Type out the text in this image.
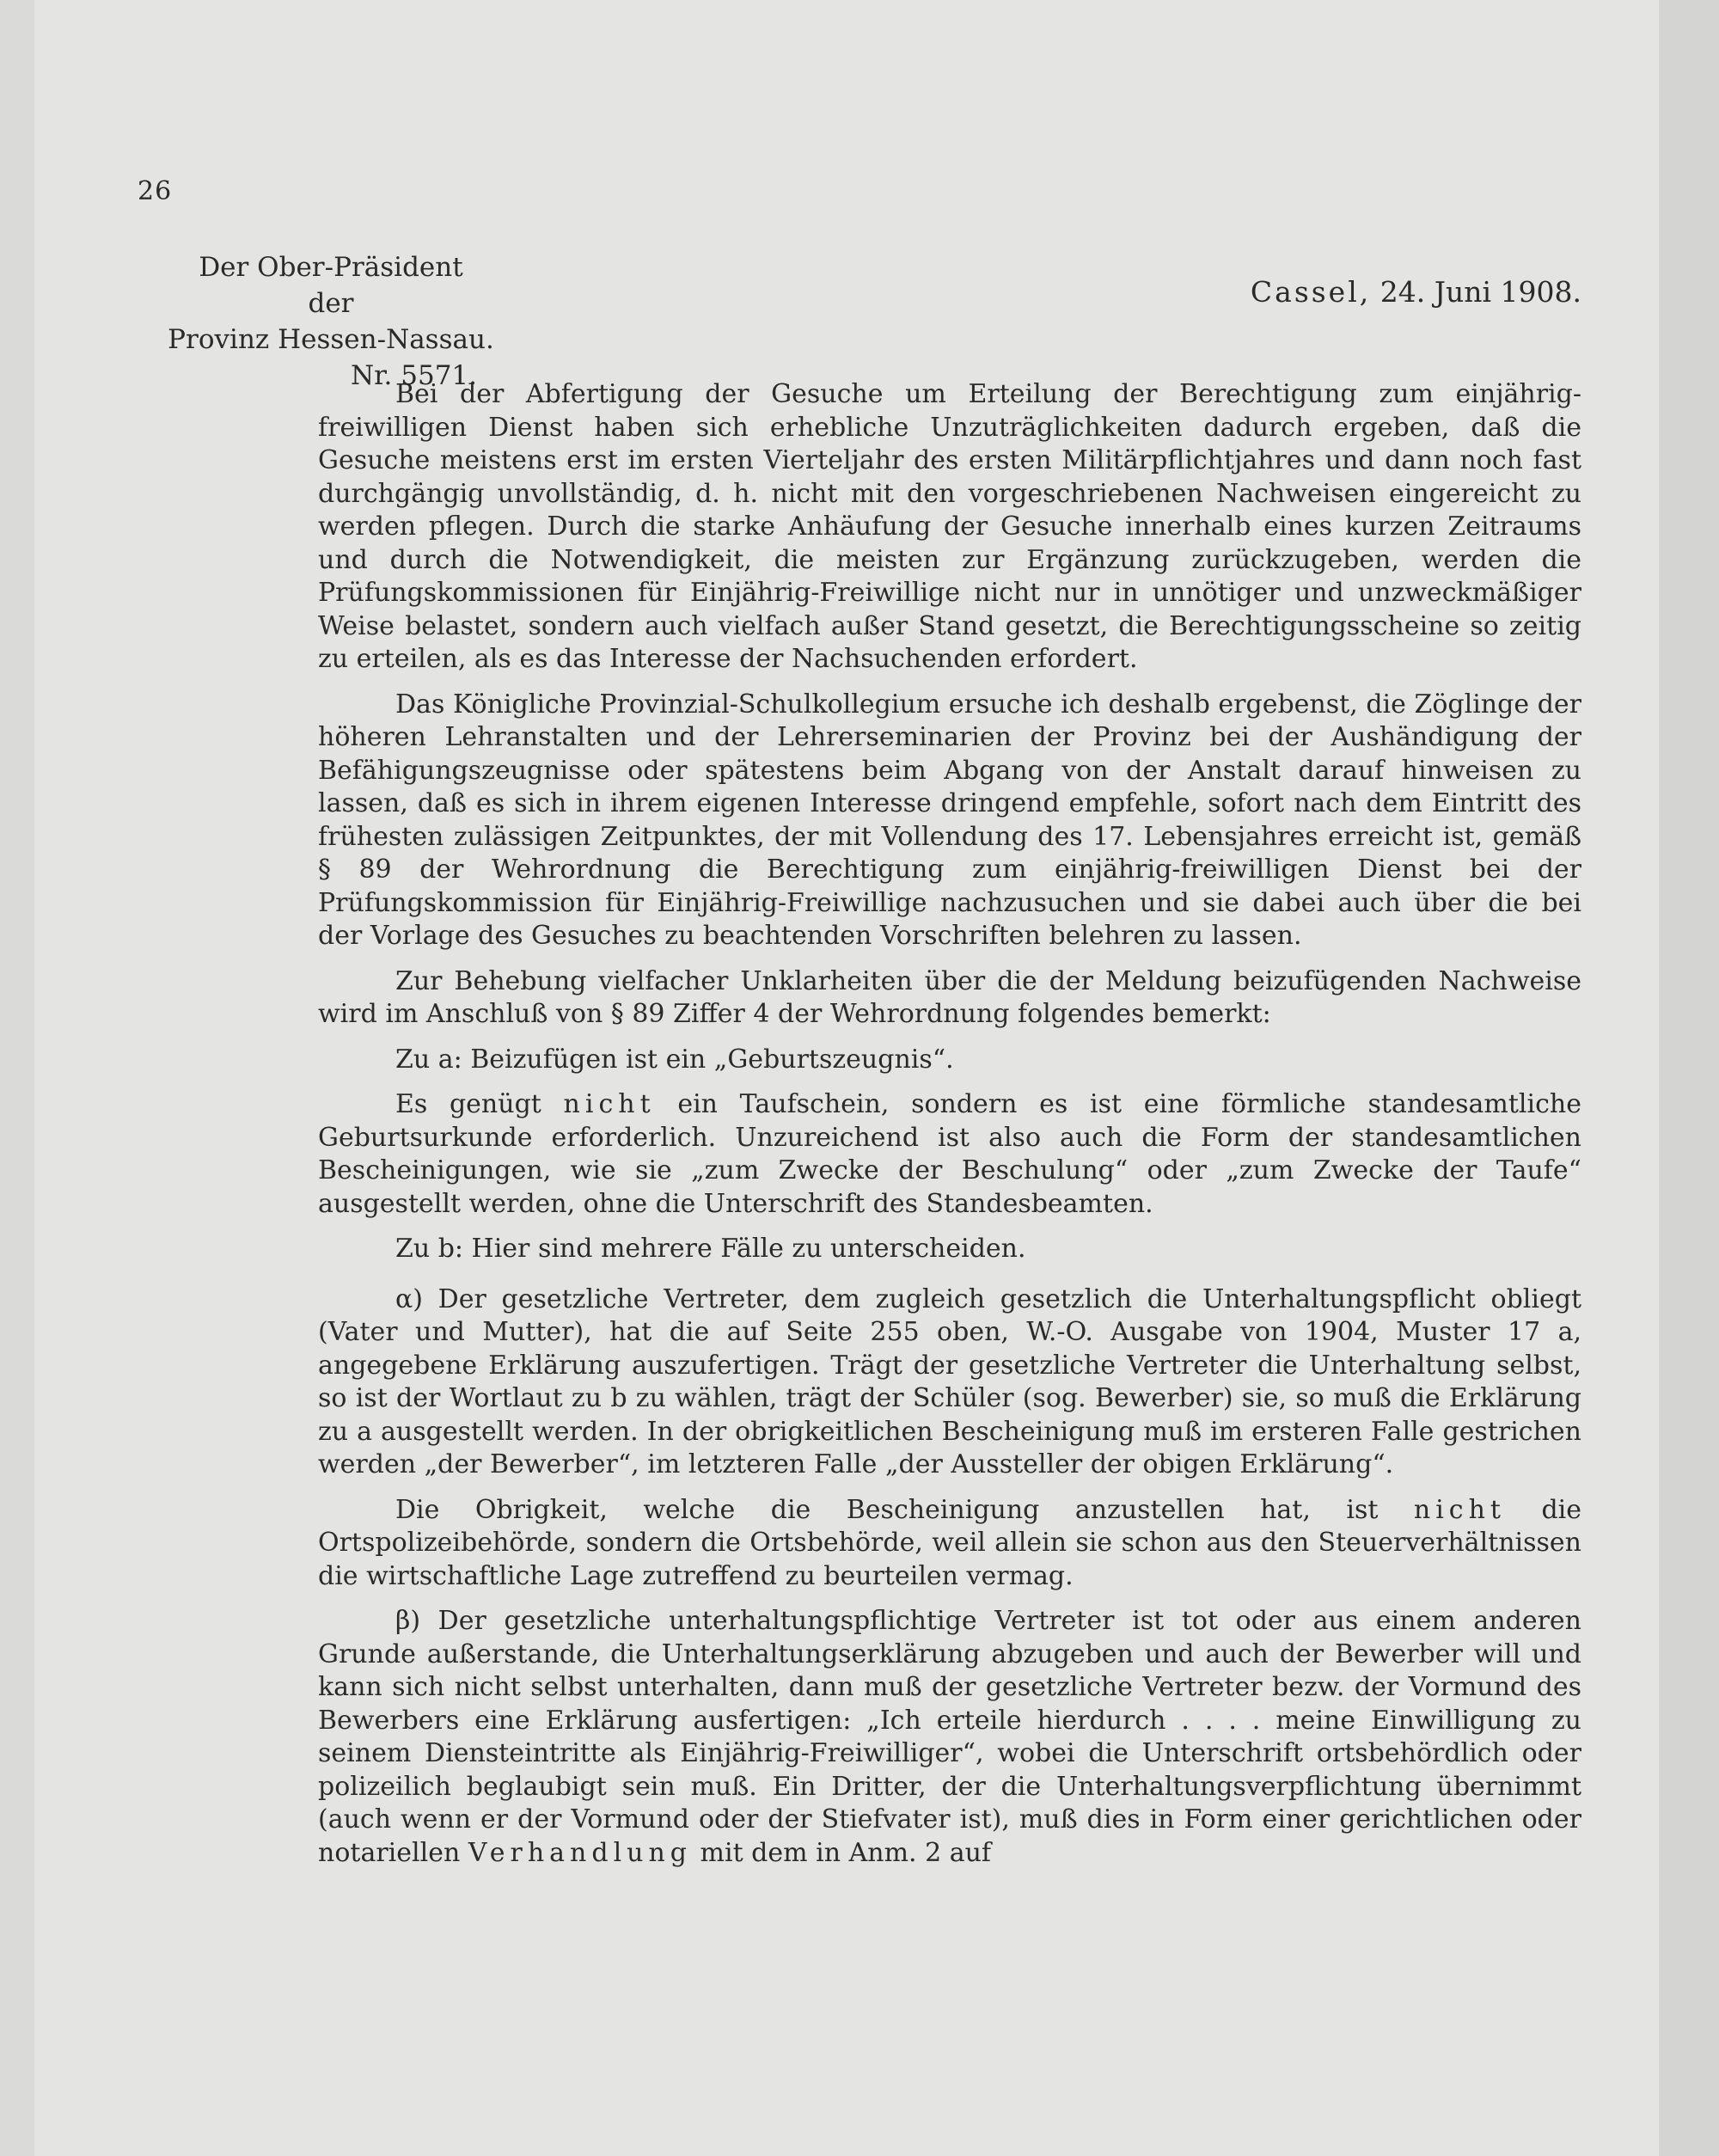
26
Der Ober-Präsident
der
Provinz Hessen-Nassau.
Nr. 5571.
Cassel, 24. Juni 1908.

Bei der Abfertigung der Gesuche um Erteilung der Berechtigung zum einjährig-freiwilligen Dienst haben sich erhebliche Unzuträglichkeiten dadurch ergeben, daß die Gesuche meistens erst im ersten Vierteljahr des ersten Militärpflichtjahres und dann noch fast durchgängig unvollständig, d. h. nicht mit den vorgeschriebenen Nachweisen eingereicht zu werden pflegen. Durch die starke Anhäufung der Gesuche innerhalb eines kurzen Zeitraums und durch die Notwendigkeit, die meisten zur Ergänzung zurückzugeben, werden die Prüfungskommissionen für Einjährig-Freiwillige nicht nur in unnötiger und unzweckmäßiger Weise belastet, sondern auch vielfach außer Stand gesetzt, die Berechtigungsscheine so zeitig zu erteilen, als es das Interesse der Nachsuchenden erfordert.

Das Königliche Provinzial-Schulkollegium ersuche ich deshalb ergebenst, die Zöglinge der höheren Lehranstalten und der Lehrerseminarien der Provinz bei der Aushändigung der Befähigungszeugnisse oder spätestens beim Abgang von der Anstalt darauf hinweisen zu lassen, daß es sich in ihrem eigenen Interesse dringend empfehle, sofort nach dem Eintritt des frühesten zulässigen Zeitpunktes, der mit Vollendung des 17. Lebensjahres erreicht ist, gemäß § 89 der Wehrordnung die Berechtigung zum einjährig-freiwilligen Dienst bei der Prüfungskommission für Einjährig-Freiwillige nachzusuchen und sie dabei auch über die bei der Vorlage des Gesuches zu beachtenden Vorschriften belehren zu lassen.

Zur Behebung vielfacher Unklarheiten über die der Meldung beizufügenden Nachweise wird im Anschluß von § 89 Ziffer 4 der Wehrordnung folgendes bemerkt:

Zu a: Beizufügen ist ein „Geburtszeugnis“.

Es genügt nicht ein Taufschein, sondern es ist eine förmliche standesamtliche Geburtsurkunde erforderlich. Unzureichend ist also auch die Form der standesamtlichen Bescheinigungen, wie sie „zum Zwecke der Beschulung“ oder „zum Zwecke der Taufe“ ausgestellt werden, ohne die Unterschrift des Standesbeamten.

Zu b: Hier sind mehrere Fälle zu unterscheiden.

α) Der gesetzliche Vertreter, dem zugleich gesetzlich die Unterhaltungspflicht obliegt (Vater und Mutter), hat die auf Seite 255 oben, W.-O. Ausgabe von 1904, Muster 17 a, angegebene Erklärung auszufertigen. Trägt der gesetzliche Vertreter die Unterhaltung selbst, so ist der Wortlaut zu b zu wählen, trägt der Schüler (sog. Bewerber) sie, so muß die Erklärung zu a ausgestellt werden. In der obrigkeitlichen Bescheinigung muß im ersteren Falle gestrichen werden „der Bewerber“, im letzteren Falle „der Aussteller der obigen Erklärung“.

Die Obrigkeit, welche die Bescheinigung anzustellen hat, ist nicht die Ortspolizeibehörde, sondern die Ortsbehörde, weil allein sie schon aus den Steuerverhältnissen die wirtschaftliche Lage zutreffend zu beurteilen vermag.

β) Der gesetzliche unterhaltungspflichtige Vertreter ist tot oder aus einem anderen Grunde außerstande, die Unterhaltungserklärung abzugeben und auch der Bewerber will und kann sich nicht selbst unterhalten, dann muß der gesetzliche Vertreter bezw. der Vormund des Bewerbers eine Erklärung ausfertigen: „Ich erteile hierdurch . . . . meine Einwilligung zu seinem Diensteintritte als Einjährig-Freiwilliger“, wobei die Unterschrift ortsbehördlich oder polizeilich beglaubigt sein muß. Ein Dritter, der die Unterhaltungsverpflichtung übernimmt (auch wenn er der Vormund oder der Stiefvater ist), muß dies in Form einer gerichtlichen oder notariellen Verhandlung mit dem in Anm. 2 auf
